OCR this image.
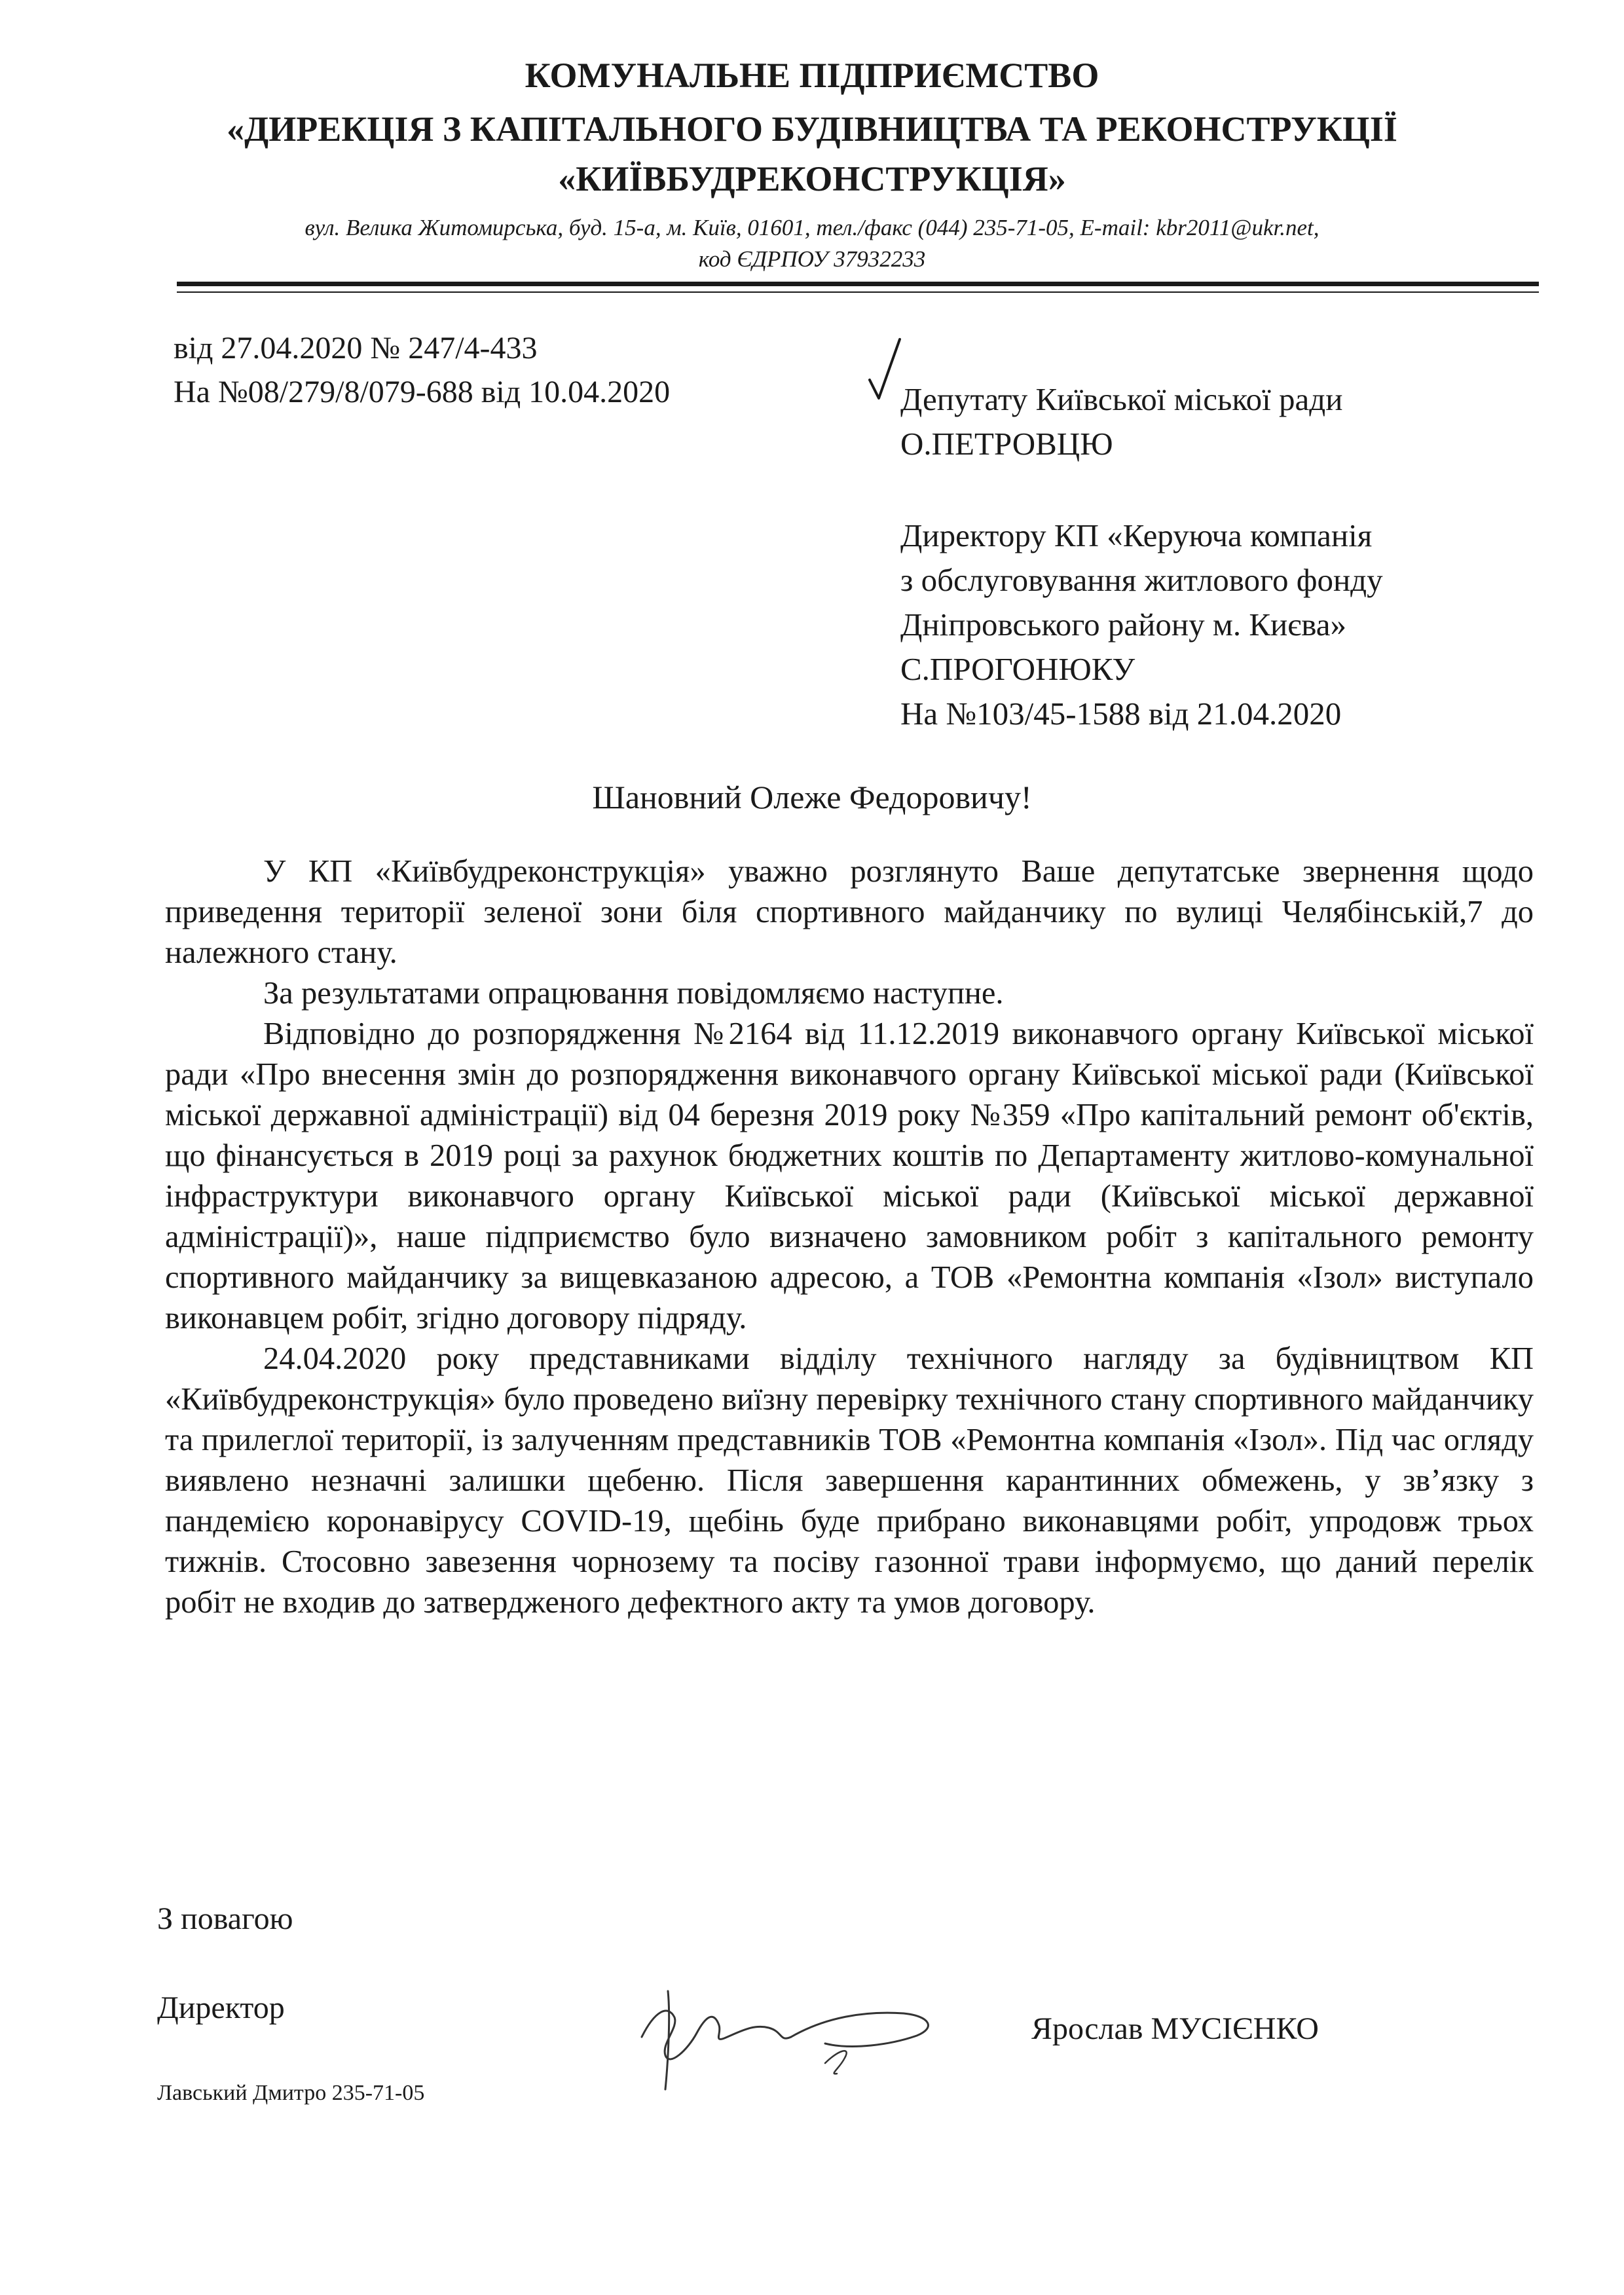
КОМУНАЛЬНЕ ПІДПРИЄМСТВО
«ДИРЕКЦІЯ З КАПІТАЛЬНОГО БУДІВНИЦТВА ТА РЕКОНСТРУКЦІЇ
«КИЇВБУДРЕКОНСТРУКЦІЯ»
вул. Велика Житомирська, буд. 15-а, м. Київ, 01601, тел./факс (044) 235-71-05, E-mail: kbr2011@ukr.net,
код ЄДРПОУ 37932233
від 27.04.2020 № 247/4-433
На №08/279/8/079-688 від 10.04.2020	Депутату Київської міської ради

О.ПЕТРОВЦЮ

Директору КП «Керуюча компанія

з обслуговування житлового фонду

Дніпровського району м. Києва»

С.ПРОГОНЮКУ

На №103/45-1588 від 21.04.2020

Шановний Олеже Федоровичу!

У КП «Київбудреконструкція» уважно розглянуто Ваше депутатське звернення щодо приведення території зеленої зони біля спортивного майданчику по вулиці Челябінській,7 до належного стану.

За результатами опрацювання повідомляємо наступне.

Відповідно до розпорядження №2164 від 11.12.2019 виконавчого органу Київської міської ради «Про внесення змін до розпорядження виконавчого органу Київської міської ради (Київської міської державної адміністрації) від 04 березня 2019 року №359 «Про капітальний ремонт об'єктів, що фінансується в 2019 році за рахунок бюджетних коштів по Департаменту житлово-комунальної інфраструктури виконавчого органу Київської міської ради (Київської міської державної адміністрації)», наше підприємство було визначено замовником робіт з капітального ремонту спортивного майданчику за вищевказаною адресою, а ТОВ «Ремонтна компанія «Ізол» виступало виконавцем робіт, згідно договору підряду.

24.04.2020 року представниками відділу технічного нагляду за будівництвом КП «Київбудреконструкція» було проведено виїзну перевірку технічного стану спортивного майданчику та прилеглої території, із залученням представників ТОВ «Ремонтна компанія «Ізол». Під час огляду виявлено незначні залишки щебеню. Після завершення карантинних обмежень, у зв’язку з пандемією коронавірусу COVID-19, щебінь буде прибрано виконавцями робіт, упродовж трьох тижнів. Стосовно завезення чорнозему та посіву газонної трави інформуємо, що даний перелік робіт не входив до затвердженого дефектного акту та умов договору.

З повагою
Директор
Ярослав МУСІЄНКО
Лавський Дмитро 235-71-05
